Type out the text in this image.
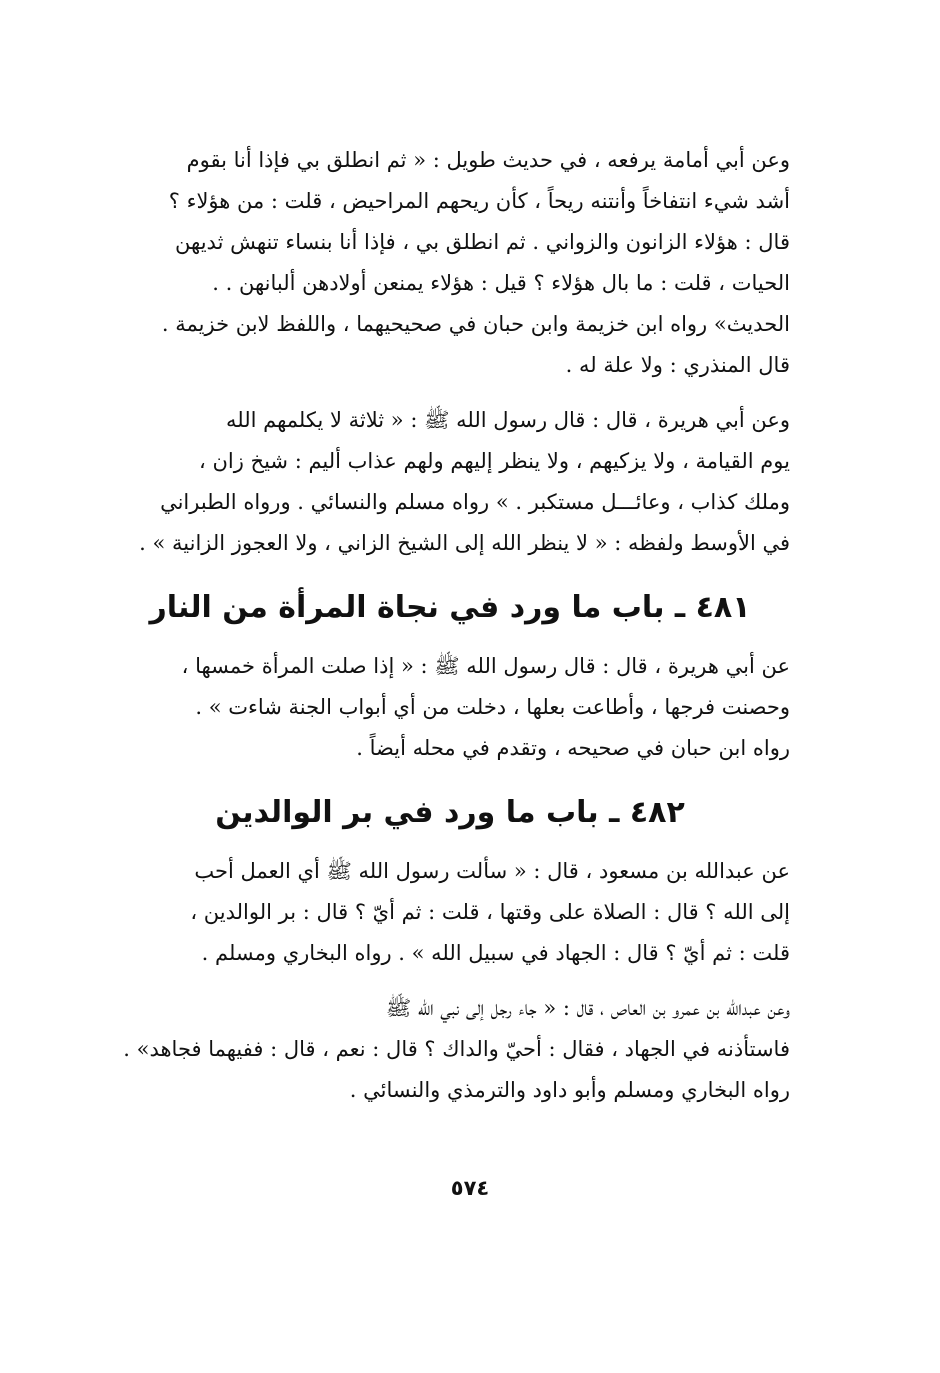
وعن أبي أمامة يرفعه ، في حديث طويل : « ثم انطلق بي فإذا أنا بقوم
أشد شيء انتفاخاً وأنتنه ريحاً ، كأن ريحهم المراحيض ، قلت : من هؤلاء ؟
قال : هؤلاء الزانون والزواني . ثم انطلق بي ، فإذا أنا بنساء تنهش ثديهن
الحيات ، قلت : ما بال هؤلاء ؟ قيل : هؤلاء يمنعن أولادهن ألبانهن . .
الحديث» رواه ابن خزيمة وابن حبان في صحيحيهما ، واللفظ لابن خزيمة .
قال المنذري : ولا علة له .
وعن أبي هريرة ، قال : قال رسول الله ﷺ : « ثلاثة لا يكلمهم الله
يوم القيامة ، ولا يزكيهم ، ولا ينظر إليهم ولهم عذاب أليم : شيخ زان ،
وملك كذاب ، وعائـــل مستكبر . » رواه مسلم والنسائي . ورواه الطبراني
في الأوسط ولفظه : « لا ينظر الله إلى الشيخ الزاني ، ولا العجوز الزانية » .
٤٨١ ـ باب ما ورد في نجاة المرأة من النار
عن أبي هريرة ، قال : قال رسول الله ﷺ : « إذا صلت المرأة خمسها ،
وحصنت فرجها ، وأطاعت بعلها ، دخلت من أي أبواب الجنة شاءت » .
رواه ابن حبان في صحيحه ، وتقدم في محله أيضاً .
٤٨٢ ـ باب ما ورد في بر الوالدين
عن عبدالله بن مسعود ، قال : « سألت رسول الله ﷺ أي العمل أحب
إلى الله ؟ قال : الصلاة على وقتها ، قلت : ثم أيّ ؟ قال : بر الوالدين ،
قلت : ثم أيّ ؟ قال : الجهاد في سبيل الله » . رواه البخاري ومسلم .
وعن عبدالله بن عمرو بن العاص ، قال : « جاء رجل إلى نبي الله ﷺ
فاستأذنه في الجهاد ، فقال : أحيّ والداك ؟ قال : نعم ، قال : ففيهما فجاهد» .
رواه البخاري ومسلم وأبو داود والترمذي والنسائي .
٥٧٤
